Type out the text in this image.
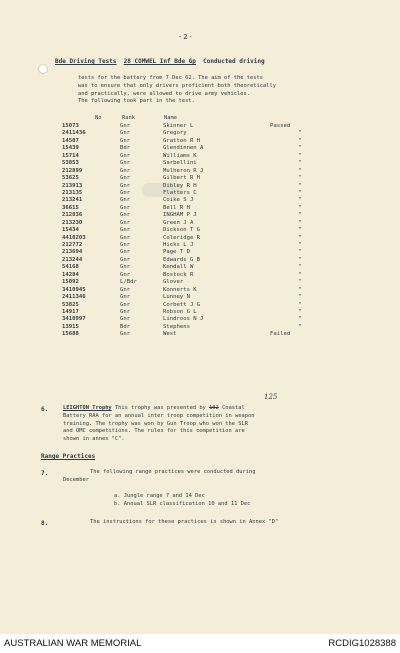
-2-
Bde Driving Tests 28 COMWEL Inf Bde Gp Conducted driving
tests for the battery from 7 Dec 62. The aim of the tests
was to ensure that only drivers proficient both theoretically
and practically, were allowed to drive army vehicles.
The following took part in the test.
No	Rank	Name
15073	Gnr	Skinner L	Passed
2411436	Gnr	Gregory	"
14507	Gnr	Gratton R H	"
15439	Bdr	Glendinnen A	"
15714	Gnr	Williams K	"
53853	Gnr	Sarbellini	"
212899	Gnr	Mulheron R J	"
53625	Gnr	Gilbert R H	"
213913	Gnr	Dibley R H	"
213135	Gnr	Flatters C	"
213241	Gnr	Coike S J	"
36615	Gnr	Bell R H	"
212036	Gnr	INGHAM P J	"
213230	Gnr	Green J A	"
15434	Gnr	Dickson T G	"
4410203	Gnr	Coleridge R	"
212772	Gnr	Hicks L J	"
213694	Gnr	Page T D	"
213244	Gnr	Edwards G B	"
54168	Gnr	Kendall W	"
14284	Gnr	Bostock R	"
15092	L/Bdr	Glover	"
3410945	Gnr	Konnerts K	"
2411346	Gnr	Lunney N	"
53825	Gnr	Corbett J G	"
14917	Gnr	Robson G L	"
3410997	Gnr	Lindroos N J	"
13915	Bdr	Stephens	"
15688	Gnr	West	Failed
125
6.	LEIGHTON Trophy This trophy was presented by 102 Coastal
Battery RAA for an annual inter troop competition in weapon
training. The trophy was won by Gun Troop who won the SLR
and OMC competitions. The rules for this competition are
shown in annex "C".
Range Practices
7.	The following range practices were conducted during
December
a. Jungle range 7 and 14 Dec
b. Annual SLR classification 10 and 11 Dec
8.	The instructions for these practices is shown in Annex "D"
AUSTRALIAN WAR MEMORIAL	RCDIG1028388
